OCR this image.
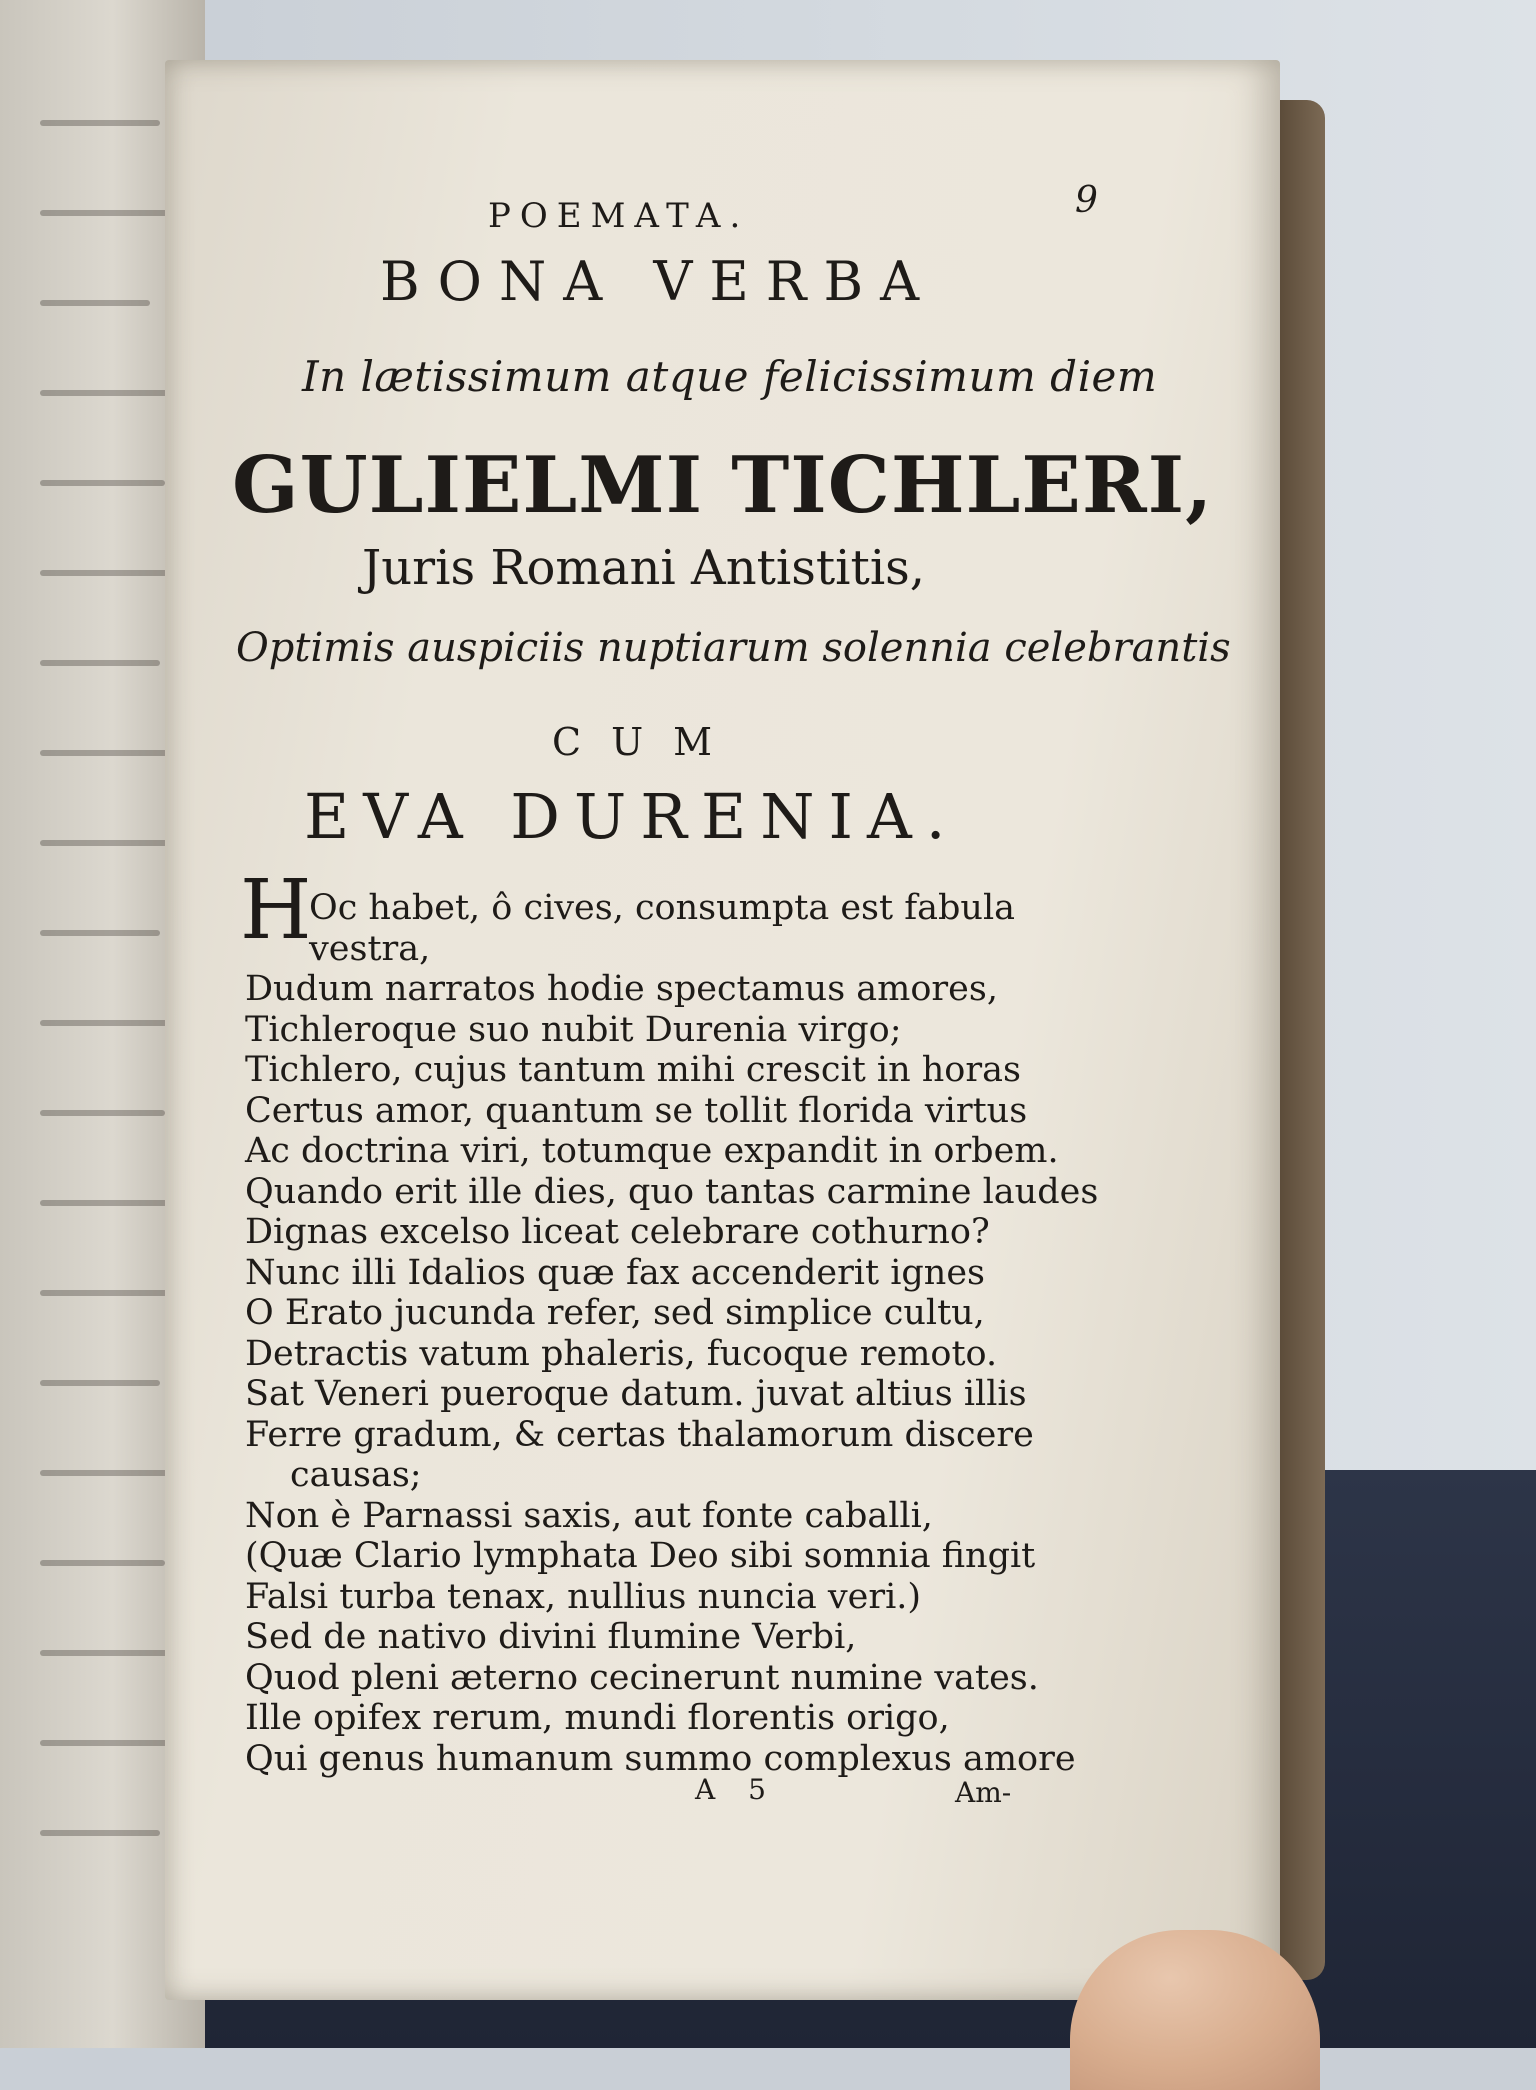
POEMATA.	9
BONA VERBA
In lætissimum atque felicissimum diem
GULIELMI TICHLERI,
Juris Romani Antistitis,
Optimis auspiciis nuptiarum solennia celebrantis
CUM
EVA DURENIA.
H
Oc habet, ô cives, consumpta est fabula
vestra,
Dudum narratos hodie spectamus amores,
Tichleroque suo nubit Durenia virgo;
Tichlero, cujus tantum mihi crescit in horas
Certus amor, quantum se tollit florida virtus
Ac doctrina viri, totumque expandit in orbem.
Quando erit ille dies, quo tantas carmine laudes
Dignas excelso liceat celebrare cothurno?
Nunc illi Idalios quæ fax accenderit ignes
O Erato jucunda refer, sed simplice cultu,
Detractis vatum phaleris, fucoque remoto.
Sat Veneri pueroque datum. juvat altius illis
Ferre gradum, & certas thalamorum discere
causas;
Non è Parnassi saxis, aut fonte caballi,
(Quæ Clario lymphata Deo sibi somnia fingit
Falsi turba tenax, nullius nuncia veri.)
Sed de nativo divini flumine Verbi,
Quod pleni æterno cecinerunt numine vates.
Ille opifex rerum, mundi florentis origo,
Qui genus humanum summo complexus amore
A 5	Am-
